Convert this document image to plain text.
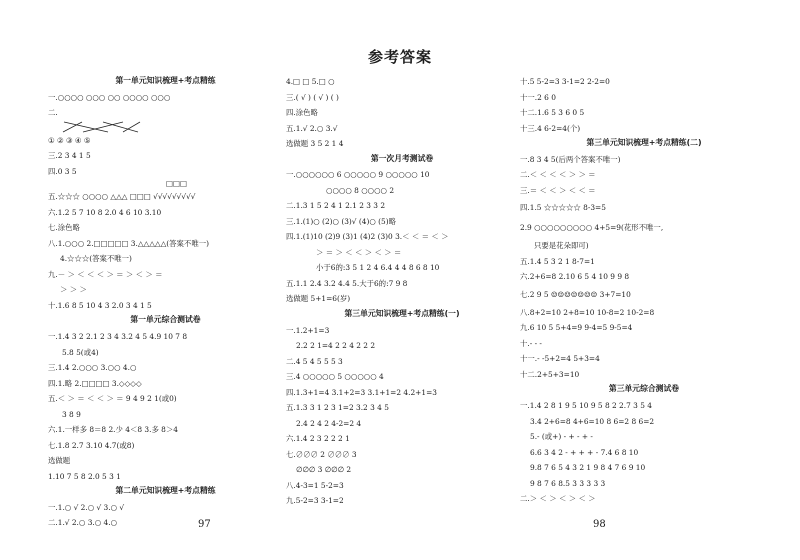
参考答案
第一单元知识梳理+考点精练
一.○○○○ ○○○ ○○ ○○○○ ○○○
二.
① ② ③ ④ ⑤
三.2 3 4 1 5
四.0 3 5
□□□
五.☆☆☆ ○○○○ △△△ □□□ √√√√√√√√√
六.1.2 5 7 10 8 2.0 4 6 10 3.10
七.涂色略
八.1.○○○ 2.□□□□□ 3.△△△△△(答案不唯一)
4.☆☆☆(答案不唯一)
九.－ ＞ ＜ ＜ ＜ ＞ ＝ ＞ ＜ ＞ ＝
＞ ＞ ＞
十.1.6 8 5 10 4 3 2.0 3 4 1 5
第一单元综合测试卷
一.1.4 3 2 2.1 2 3 4 3.2 4 5 4.9 10 7 8
5.8 5(或4)
三.1.4 2.○○○ 3.○○ 4.○
四.1.略 2.□□□□ 3.◇◇◇◇
五.＜ ＞ ＝ ＜ ＜ ＞ ＝ 9 4 9 2 1(或0)
3 8 9
六.1.一样多 8＝8 2.少 4＜8 3.多 8＞4
七.1.8 2.7 3.10 4.7(或8)
选做题
1.10 7 5 8 2.0 5 3 1
第二单元知识梳理+考点精练
一.1.○ √ 2.○ √ 3.○ √
二.1.√ 2.○ 3.○ 4.○
4.□ □ 5.□ ○
三.( √ ) ( √ ) ( )
四.涂色略
五.1.√ 2.○ 3.√
选做题 3 5 2 1 4
第一次月考测试卷
一.○○○○○○ 6 ○○○○○ 9 ○○○○○ 10
○○○○ 8 ○○○○ 2
二.1.3 1 5 2 4 1 2.1 2 3 3 2
三.1.(1)○ (2)○ (3)√ (4)○ (5)略
四.1.(1)10 (2)9 (3)1 (4)2 (3)0 3.＜ ＜ ＝ ＜ ＞
＞ ＝ ＞ ＜ ＜ ＞ ＜ ＞ ＝
小于6的:3 5 1 2 4 6.4 4 4 8 6 8 10
五.1.1 2.4 3.2 4.4 5.大于6的:7 9 8
选做题 5+1=6(岁)
第三单元知识梳理+考点精练(一)
一.1.2+1=3
2.2 2 1=4 2 2 4 2 2 2
二.4 5 4 5 5 5 3
三.4 ○○○○○ 5 ○○○○○ 4
四.1.3+1=4 3.1+2=3 3.1+1=2 4.2+1=3
五.1.3 3 1 2 3 1=2 3.2 3 4 5
2.4 2 4 2 4-2=2 4
六.1.4 2 3 2 2 2 1
七.∅∅∅ 2 ∅∅∅ 3
∅∅∅ 3 ∅∅∅ 2
八.4-3=1 5-2=3
九.5-2=3 3-1=2
十.5 5-2=3 3-1=2 2-2=0
十一.2 6 0
十二.1.6 5 3 6 0 5
十三.4 6-2=4(个)
第三单元知识梳理+考点精练(二)
一.8 3 4 5(后两个答案不唯一)
二.＜ ＜ ＜ ＜ ＞ ＞ ＝
三.＝ ＜ ＜ ＞ ＜ ＜ ＝
四.1.5 ☆☆☆☆☆ 8-3=5
2.9 ○○○○○○○○○ 4+5=9(花形不唯一,
只要是花朵即可)
五.1.4 5 3 2 1 8-7=1
六.2+6=8 2.10 6 5 4 10 9 9 8
七.2 9 5 ☺☺☺☺☺☺☺ 3+7=10
八.8+2=10 2+8=10 10-8=2 10-2=8
九.6 10 5 5+4=9 9-4=5 9-5=4
十.- - -
十一.- -5+2=4 5+3=4
十二.2+5+3=10
第三单元综合测试卷
一.1.4 2 8 1 9 5 10 9 5 8 2 2.7 3 5 4
3.4 2+6=8 4+6=10 8 6=2 8 6=2
5.- (或+) - + - + -
6.6 3 4 2 - + + + - 7.4 6 8 10
9.8 7 6 5 4 3 2 1 9 8 4 7 6 9 10
9 8 7 6 8.5 3 3 3 3 3
二.＞ ＜ ＞ ＜ ＞ ＜ ＞
97	98
